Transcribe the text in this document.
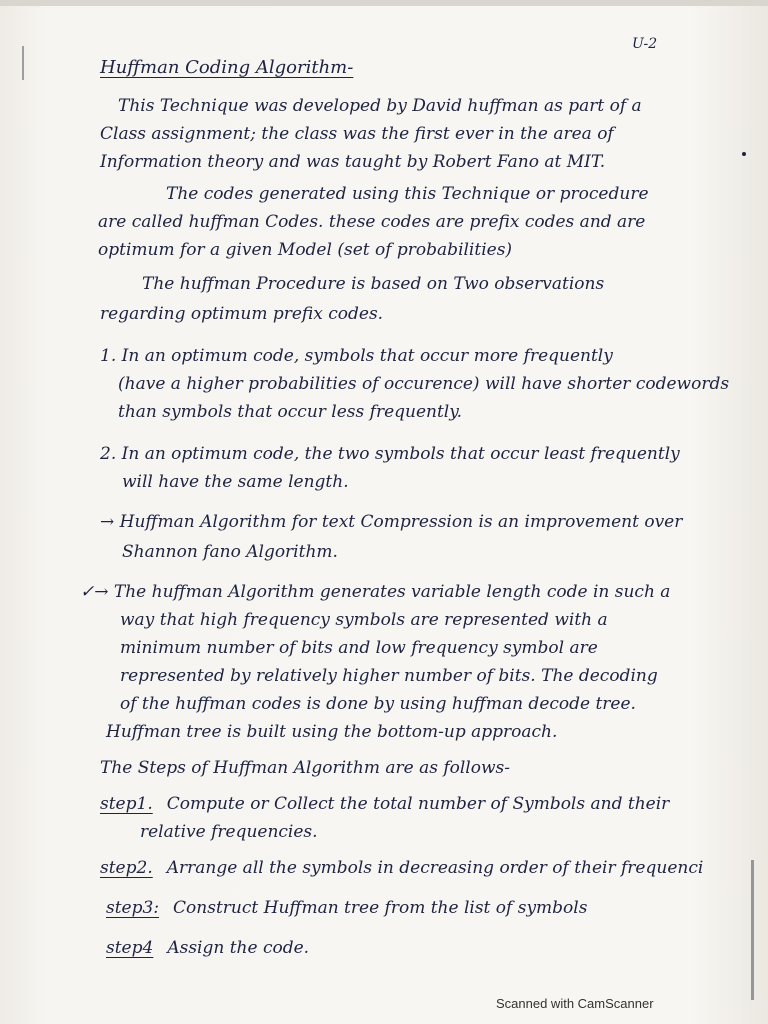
U-2
Huffman Coding Algorithm-
This Technique was developed by David huffman as part of a
Class assignment; the class was the first ever in the area of
Information theory and was taught by Robert Fano at MIT.
The codes generated using this Technique or procedure
are called huffman Codes. these codes are prefix codes and are
optimum for a given Model (set of probabilities)
The huffman Procedure is based on Two observations
regarding optimum prefix codes.
1. In an optimum code, symbols that occur more frequently
(have a higher probabilities of occurence) will have shorter codewords
than symbols that occur less frequently.
2. In an optimum code, the two symbols that occur least frequently
will have the same length.
→ Huffman Algorithm for text Compression is an improvement over
Shannon fano Algorithm.
✓→ The huffman Algorithm generates variable length code in such a
way that high frequency symbols are represented with a
minimum number of bits and low frequency symbol are
represented by relatively higher number of bits. The decoding
of the huffman codes is done by using huffman decode tree.
Huffman tree is built using the bottom-up approach.
The Steps of Huffman Algorithm are as follows-
step1. Compute or Collect the total number of Symbols and their
relative frequencies.
step2. Arrange all the symbols in decreasing order of their frequenci
step3: Construct Huffman tree from the list of symbols
step4 Assign the code.
Scanned with CamScanner
